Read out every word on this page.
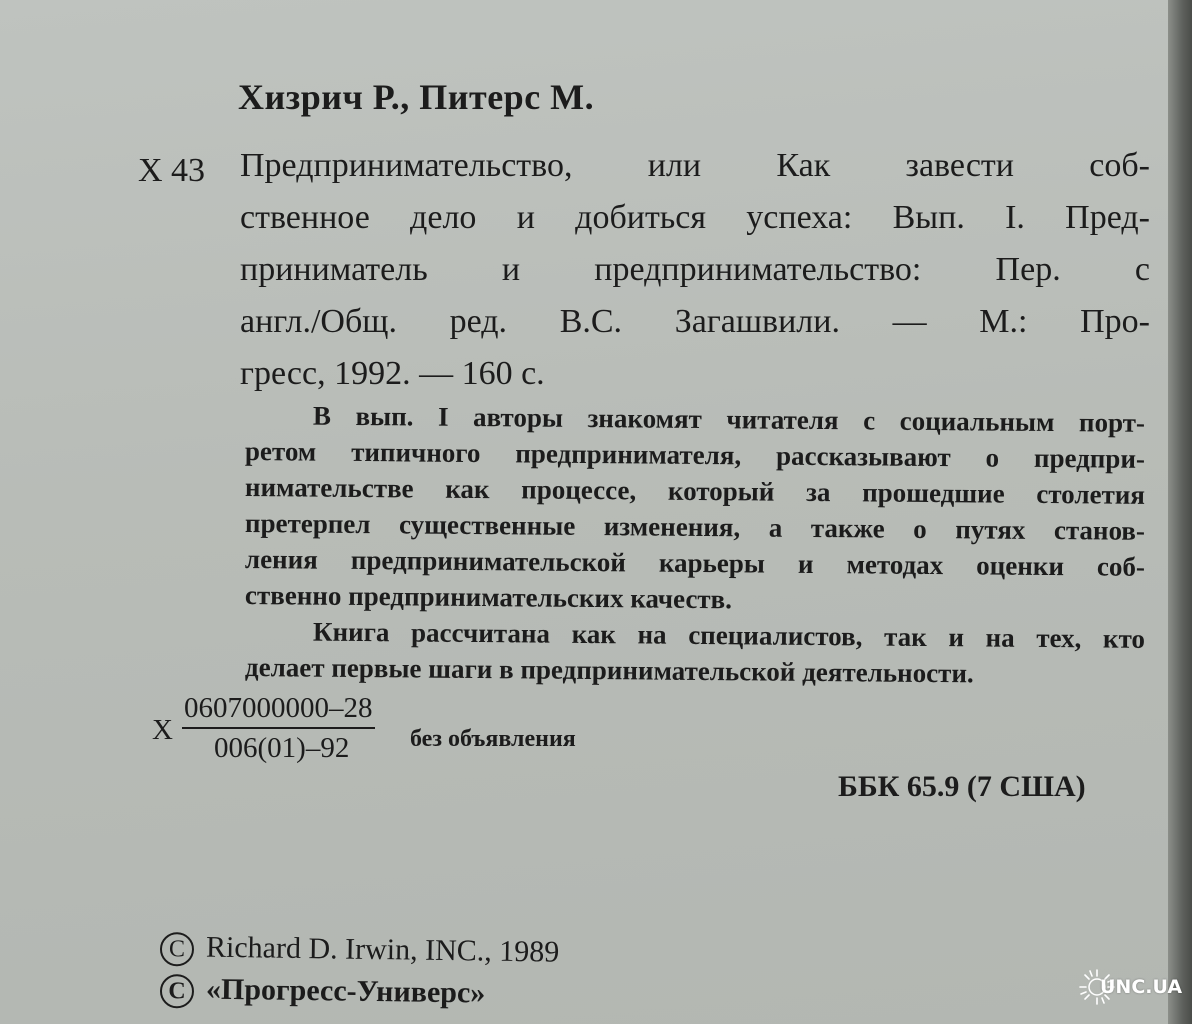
Хизрич Р., Питерс М.
Х 43 Предпринимательство, или Как завести соб-
ственное дело и добиться успеха: Вып. I. Пред-
приниматель и предпринимательство: Пер. с
англ./Общ. ред. В.С. Загашвили. — М.: Про-
гресс, 1992. — 160 с.
В вып. I авторы знакомят читателя с социальным порт-
ретом типичного предпринимателя, рассказывают о предпри-
нимательстве как процессе, который за прошедшие столетия
претерпел существенные изменения, а также о путях станов-
ления предпринимательской карьеры и методах оценки соб-
ственно предпринимательских качеств.
Книга рассчитана как на специалистов, так и на тех, кто
делает первые шаги в предпринимательской деятельности.
Х
0607000000–28
006(01)–92	без объявления
ББК 65.9 (7 США)
C Richard D. Irwin, INC., 1989
C «Прогресс-Универс»	UNC.UA
